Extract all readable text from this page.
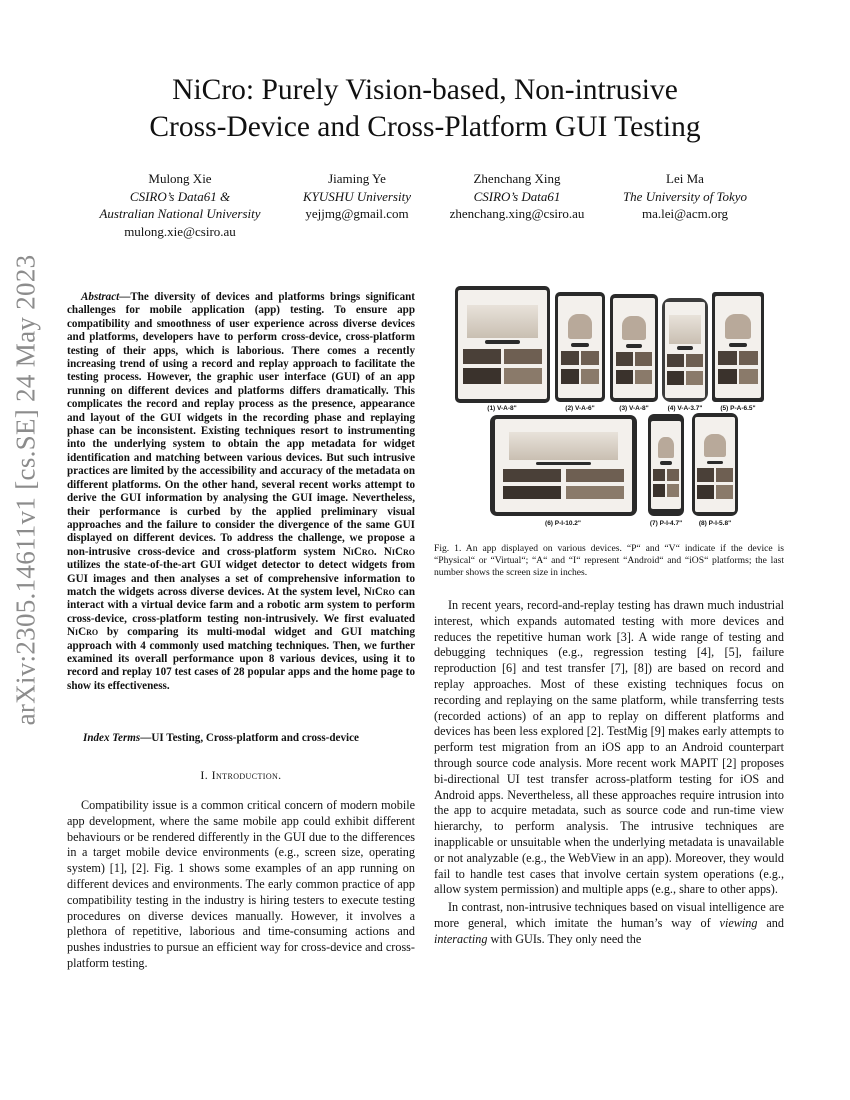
arXiv:2305.14611v1 [cs.SE] 24 May 2023
NiCro: Purely Vision-based, Non-intrusive
Cross-Device and Cross-Platform GUI Testing
Mulong Xie
CSIRO’s Data61 &
Australian National University
mulong.xie@csiro.au
Jiaming Ye
KYUSHU University
yejjmg@gmail.com
Zhenchang Xing
CSIRO’s Data61
zhenchang.xing@csiro.au
Lei Ma
The University of Tokyo
ma.lei@acm.org
Abstract—The diversity of devices and platforms brings significant challenges for mobile application (app) testing. To ensure app compatibility and smoothness of user experience across diverse devices and platforms, developers have to perform cross-device, cross-platform testing of their apps, which is laborious. There comes a recently increasing trend of using a record and replay approach to facilitate the testing process. However, the graphic user interface (GUI) of an app running on different devices and platforms differs dramatically. This complicates the record and replay process as the presence, appearance and layout of the GUI widgets in the recording phase and replaying phase can be inconsistent. Existing techniques resort to instrumenting into the underlying system to obtain the app metadata for widget identification and matching between various devices. But such intrusive practices are limited by the accessibility and accuracy of the metadata on different platforms. On the other hand, several recent works attempt to derive the GUI information by analysing the GUI image. Nevertheless, their performance is curbed by the applied preliminary visual approaches and the failure to consider the divergence of the same GUI displayed on different devices. To address the challenge, we propose a non-intrusive cross-device and cross-platform system NiCro. NiCro utilizes the state-of-the-art GUI widget detector to detect widgets from GUI images and then analyses a set of comprehensive information to match the widgets across diverse devices. At the system level, NiCro can interact with a virtual device farm and a robotic arm system to perform cross-device, cross-platform testing non-intrusively. We first evaluated NiCro by comparing its multi-modal widget and GUI matching approach with 4 commonly used matching techniques. Then, we further examined its overall performance upon 8 various devices, using it to record and replay 107 test cases of 28 popular apps and the home page to show its effectiveness.
Index Terms—UI Testing, Cross-platform and cross-device
I. Introduction.

Compatibility issue is a common critical concern of modern mobile app development, where the same mobile app could exhibit different behaviours or be rendered differently in the GUI due to the differences in a target mobile device environments (e.g., screen size, operating system) [1], [2]. Fig. 1 shows some examples of an app running on different devices and environments. The early common practice of app compatibility testing in the industry is hiring testers to execute testing procedures on diverse devices manually. However, it involves a plethora of repetitive, laborious and time-consuming actions and pushes industries to pursue an efficient way for cross-device and cross-platform testing.

(1) V-A-8"	(2) V-A-6"	(3) V-A-8"	(4) V-A-3.7"	(5) P-A-6.5"
(6) P-I-10.2"	(7) P-I-4.7"	(8) P-I-5.8"
Fig. 1. An app displayed on various devices. “P“ and “V“ indicate if the device is “Physical“ or “Virtual“; “A“ and “I“ represent “Android“ and “iOS“ platforms; the last number shows the screen size in inches.

In recent years, record-and-replay testing has drawn much industrial interest, which expands automated testing with more devices and reduces the repetitive human work [3]. A wide range of testing and debugging techniques (e.g., regression testing [4], [5], failure reproduction [6] and test transfer [7], [8]) are based on record and replay approaches. Most of these existing techniques focus on recording and replaying on the same platform, while transferring tests (recorded actions) of an app to replay on different platforms and devices has been less explored [2]. TestMig [9] makes early attempts to perform test migration from an iOS app to an Android counterpart through source code analysis. More recent work MAPIT [2] proposes bi-directional UI test transfer across-platform testing for iOS and Android apps. Nevertheless, all these approaches require intrusion into the app to acquire metadata, such as source code and run-time view hierarchy, to perform analysis. The intrusive techniques are inapplicable or unsuitable when the underlying metadata is unavailable or not analyzable (e.g., the WebView in an app). Moreover, they would fail to handle test cases that involve certain system operations (e.g., allow system permission) and multiple apps (e.g., share to other apps).

In contrast, non-intrusive techniques based on visual intelligence are more general, which imitate the human’s way of viewing and interacting with GUIs. They only need the
